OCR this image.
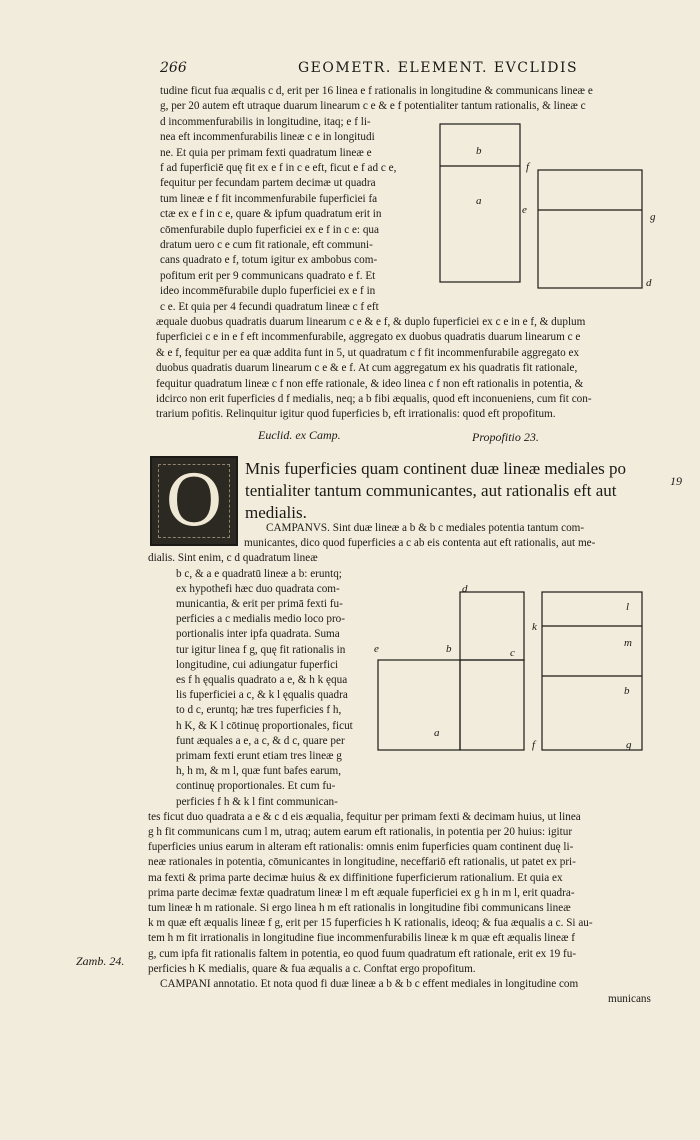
266	GEOMETR. ELEMENT. EVCLIDIS
tudine ficut fua æqualis c d, erit per 16 linea e f rationalis in longitudine & communicans lineæ e
g, per 20 autem eft utraque duarum linearum c e & e f potentialiter tantum rationalis, & lineæ c
d incommenfurabilis in longitudine, itaq; e f li-
nea eft incommenfurabilis lineæ c e in longitudi
ne. Et quia per primam fexti quadratum lineæ e
f ad fuperficiē quę fit ex e f in c e eft, ficut e f ad c e,
fequitur per fecundam partem decimæ ut quadra
tum lineæ e f fit incommenfurabile fuperficiei fa
ctæ ex e f in c e, quare & ipfum quadratum erit in
cōmenfurabile duplo fuperficiei ex e f in c e: qua
dratum uero c e cum fit rationale, eft communi-
cans quadrato e f, totum igitur ex ambobus com-
pofitum erit per 9 communicans quadrato e f. Et
ideo incommēfurabile duplo fuperficiei ex e f in
c e. Et quia per 4 fecundi quadratum lineæ c f eft
æquale duobus quadratis duarum linearum c e & e f, & duplo fuperficiei ex c e in e f, & duplum
fuperficiei c e in e f eft incommenfurabile, aggregato ex duobus quadratis duarum linearum c e
& e f, fequitur per ea quæ addita funt in 5, ut quadratum c f fit incommenfurabile aggregato ex
duobus quadratis duarum linearum c e & e f. At cum aggregatum ex his quadratis fit rationale,
fequitur quadratum lineæ c f non effe rationale, & ideo linea c f non eft rationalis in potentia, &
idcirco non erit fuperficies d f medialis, neq; a b fibi æqualis, quod eft inconueniens, cum fit con-
trarium pofitis. Relinquitur igitur quod fuperficies b, eft irrationalis: quod eft propofitum.
b
a
f
e
g
d
Euclid. ex Camp.	Propofitio 23.
O	Mnis fuperficies quam continent duæ lineæ mediales po
tentialiter tantum communicantes, aut rationalis eft aut
medialis.
19
CAMPANVS. Sint duæ lineæ a b & b c mediales potentia tantum com-
municantes, dico quod fuperficies a c ab eis contenta aut eft rationalis, aut me-
dialis. Sint enim, c d quadratum lineæ
b c, & a e quadratū lineæ a b: eruntq;
ex hypothefi hæc duo quadrata com-
municantia, & erit per primā fexti fu-
perficies a c medialis medio loco pro-
portionalis inter ipfa quadrata. Suma
tur igitur linea f g, quę fit rationalis in
longitudine, cui adiungatur fuperfici
es f h ęqualis quadrato a e, & h k ęqua
lis fuperficiei a c, & k l ęqualis quadra
to d c, eruntq; hæ tres fuperficies f h,
h K, & K l cōtinuę proportionales, ficut
funt æquales a e, a c, & d c, quare per
primam fexti erunt etiam tres lineæ g
h, h m, & m l, quæ funt bafes earum,
continuę proportionales. Et cum fu-
perficies f h & k l fint communican-
tes ficut duo quadrata a e & c d eis æqualia, fequitur per primam fexti & decimam huius, ut linea
g h fit communicans cum l m, utraq; autem earum eft rationalis, in potentia per 20 huius: igitur
fuperficies unius earum in alteram eft rationalis: omnis enim fuperficies quam continent duę li-
neæ rationales in potentia, cōmunicantes in longitudine, neceffariō eft rationalis, ut patet ex pri-
ma fexti & prima parte decimæ huius & ex diffinitione fuperficierum rationalium. Et quia ex
prima parte decimæ fextæ quadratum lineæ l m eft æquale fuperficiei ex g h in m l, erit quadra-
tum lineæ h m rationale. Si ergo linea h m eft rationalis in longitudine fibi communicans lineæ
k m quæ eft æqualis lineæ f g, erit per 15 fuperficies h K rationalis, ideoq; & fua æqualis a c. Si au-
tem h m fit irrationalis in longitudine fiue incommenfurabilis lineæ k m quæ eft æqualis lineæ f
g, cum ipfa fit rationalis faltem in potentia, eo quod fuum quadratum eft rationale, erit ex 19 fu-
perficies h K medialis, quare & fua æqualis a c. Conftat ergo propofitum.
CAMPANI annotatio. Et nota quod fi duæ lineæ a b & b c effent mediales in longitudine com
municans
d
e	b	c
a
k
l
m
b
f	g
Zamb. 24.
